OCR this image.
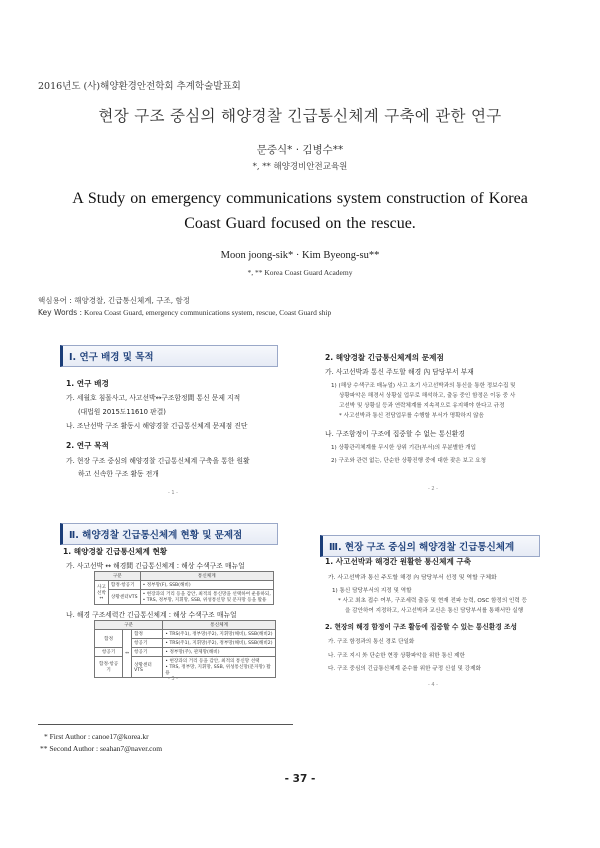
2016년도 (사)해양환경안전학회 추계학술발표회
현장 구조 중심의 해양경찰 긴급통신체계 구축에 관한 연구
문중식* · 김병수**
*, ** 해양경비안전교육원
A Study on emergency communications system construction of Korea
Coast Guard focused on the rescue.
Moon joong-sik* · Kim Byeong-su**
*, ** Korea Coast Guard Academy
핵심용어 : 해양경찰, 긴급통신체계, 구조, 함정
Key Words : Korea Coast Guard, emergency communications system, rescue, Coast Guard ship
Ⅰ. 연구 배경 및 목적
1. 연구 배경
가. 세월호 침몰사고, 사고선박↔구조함정間 통신 문제 지적
(대법원 2015도11610 판결)
나. 조난선박 구조 활동시 해양경찰 긴급통신체계 문제점 진단
2. 연구 목적
가. 현장 구조 중심의 해양경찰 긴급통신체계 구축을 통한 원활
하고 신속한 구조 활동 전개
- 1 -
2. 해양경찰 긴급통신체계의 문제점
가. 사고선박과 통신 주도할 해경 內 담당부서 부재
1) (해상 수색구조 매뉴얼) 사고 초기 사고선박과의 통신을 통한 정보수집 및
상황파악은 해경서 상황실 업무로 해석하고, 출동 중인 함정은 이동 중 사
고선박 및 상황실 등과 연락체계를 지속적으로 유지해야 한다고 규정
* 사고선박과 통신 전담업무를 수행할 부서가 명확하지 않음
나. 구조함정이 구조에 집중할 수 없는 통신환경
1) 상황관리체계를 무시한 상위 기관(부서)의 무분별한 개입
2) 구조와 관련 없는, 단순한 상황진행 중에 대한 잦은 보고 요청
- 2 -
Ⅱ. 해양경찰 긴급통신체계 현황 및 문제점
1. 해양경찰 긴급통신체계 현황
가. 사고선박 ↔ 해경間 긴급통신체계 : 해상 수색구조 매뉴얼
구분		통신체계

사고
선박
↔	함정·항공기	• 정부망(F), SSB(해비)
	상황센터VTS	• 현장과의 거리 등을 감안, 최적의 통신망을 선택하여 운용하되,
• TRS, 정부망, 지휘망, SSB, 위성통신망 및 문자망 등을 활용
나. 해경 구조세력간 긴급통신체계 : 해상 수색구조 매뉴얼
구분			통신체계
함정	↔	함정	• TRS(주1), 정부망(주2), 지휘망(해비), SSB(해비2)
		항공기	• TRS(주1), 지휘망(주2), 정부망(해비), SSB(해비2)
항공기		항공기	• 정부망(주), 관제망(해비)
함정·항공기		상황센터VTS	• 현장과의 거리 등을 감안, 최적의 통신망 선택
• TRS, 정부망, 지휘망, SSB, 위성통신망(문자망) 활용
- 3 -
Ⅲ. 현장 구조 중심의 해양경찰 긴급통신체계
1. 사고선박과 해경간 원활한 통신체계 구축
가. 사고선박과 통신 주도할 해경 內 담당부서 선정 및 역할 구체화
1) 통신 담당부서의 지정 및 역할
* 사고 최초 접수 여부, 구조세력 출동 및 현재 전파 능력, OSC 함정의 인력 등
을 감안하여 지정하고, 사고선박과 교신은 통신 담당부서를 통해서만 실행
2. 현장의 해경 함정이 구조 활동에 집중할 수 있는 통신환경 조성
가. 구조 함정과의 통신 경로 단일화
나. 구조 지시 外 단순한 현장 상황파악을 위한 통신 제한
다. 구조 중심의 긴급통신체계 준수를 위한 규정 신설 및 강제화
- 4 -
* First Author : canoe17@korea.kr
** Second Author : seahan7@naver.com
- 37 -
